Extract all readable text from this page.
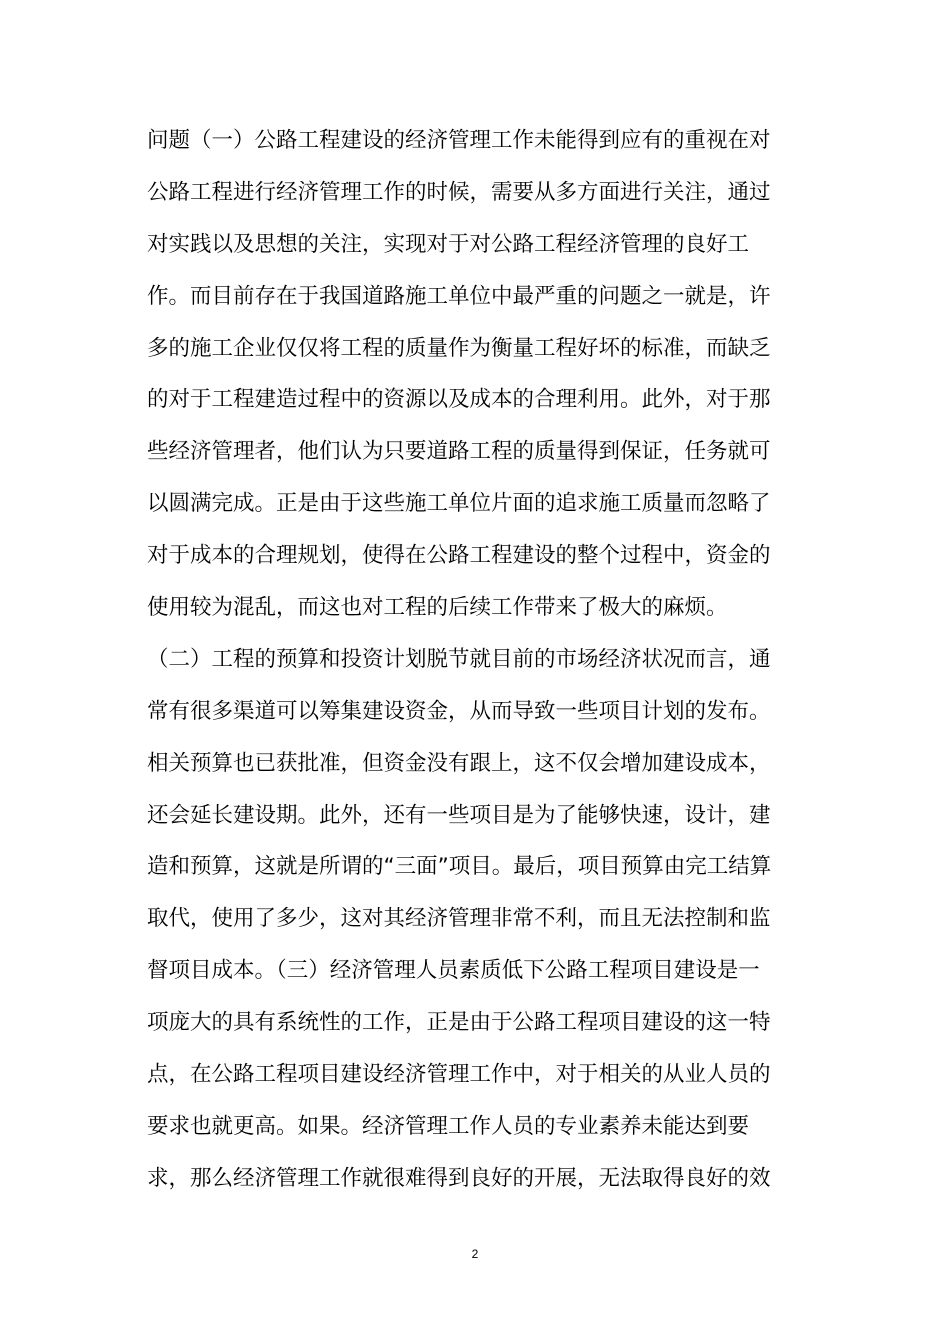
问题（一）公路工程建设的经济管理工作未能得到应有的重视在对
公路工程进行经济管理工作的时候，需要从多方面进行关注，通过
对实践以及思想的关注，实现对于对公路工程经济管理的良好工
作。而目前存在于我国道路施工单位中最严重的问题之一就是，许
多的施工企业仅仅将工程的质量作为衡量工程好坏的标准，而缺乏
的对于工程建造过程中的资源以及成本的合理利用。此外，对于那
些经济管理者，他们认为只要道路工程的质量得到保证，任务就可
以圆满完成。正是由于这些施工单位片面的追求施工质量而忽略了
对于成本的合理规划，使得在公路工程建设的整个过程中，资金的
使用较为混乱，而这也对工程的后续工作带来了极大的麻烦。
（二）工程的预算和投资计划脱节就目前的市场经济状况而言，通
常有很多渠道可以筹集建设资金，从而导致一些项目计划的发布。
相关预算也已获批准，但资金没有跟上，这不仅会增加建设成本，
还会延长建设期。此外，还有一些项目是为了能够快速，设计，建
造和预算，这就是所谓的“三面”项目。最后，项目预算由完工结算
取代，使用了多少，这对其经济管理非常不利，而且无法控制和监
督项目成本。（三）经济管理人员素质低下公路工程项目建设是一
项庞大的具有系统性的工作，正是由于公路工程项目建设的这一特
点，在公路工程项目建设经济管理工作中，对于相关的从业人员的
要求也就更高。如果。经济管理工作人员的专业素养未能达到要
求，那么经济管理工作就很难得到良好的开展，无法取得良好的效
2
